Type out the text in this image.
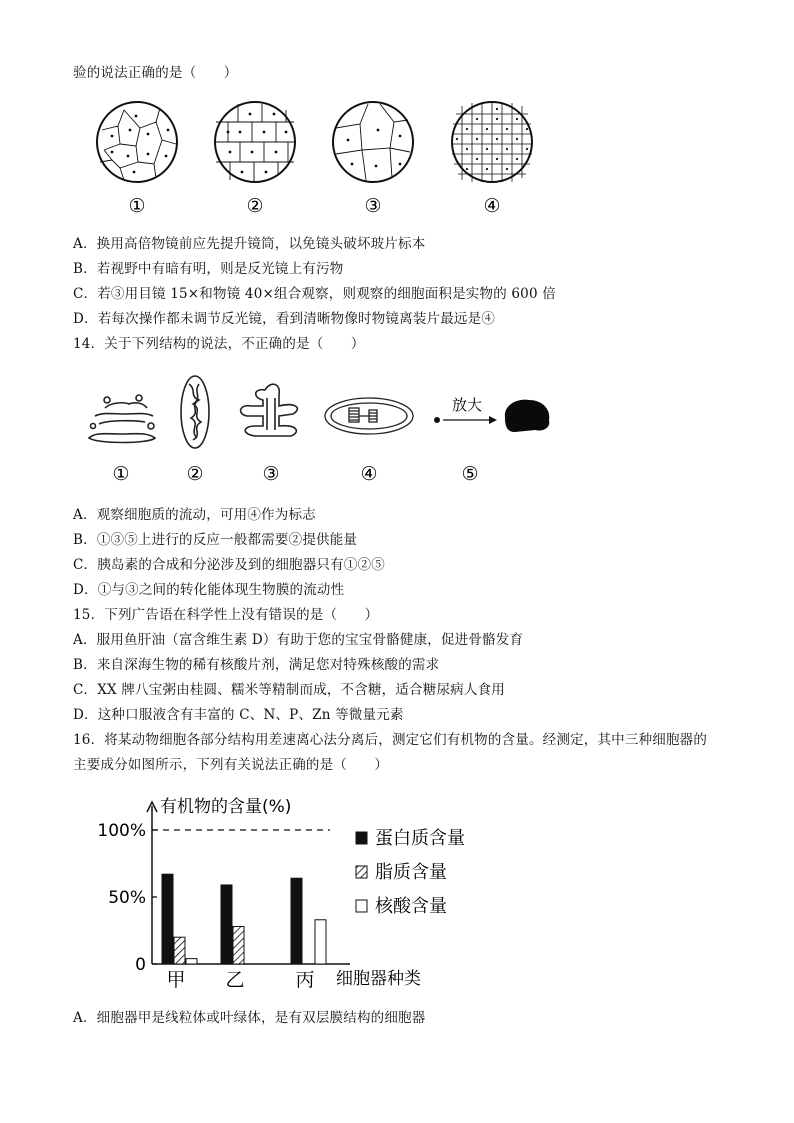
验的说法正确的是（　　）
①	②	③	④
A．换用高倍物镜前应先提升镜筒，以免镜头破坏玻片标本
B．若视野中有暗有明，则是反光镜上有污物
C．若③用目镜 15×和物镜 40×组合观察，则观察的细胞面积是实物的 600 倍
D．若每次操作都未调节反光镜，看到清晰物像时物镜离装片最远是④
14．关于下列结构的说法，不正确的是（　　）
放大
①	②	③	④	⑤
A．观察细胞质的流动，可用④作为标志
B．①③⑤上进行的反应一般都需要②提供能量
C．胰岛素的合成和分泌涉及到的细胞器只有①②⑤
D．①与③之间的转化能体现生物膜的流动性
15．下列广告语在科学性上没有错误的是（　　）
A．服用鱼肝油（富含维生素 D）有助于您的宝宝骨骼健康，促进骨骼发育
B．来自深海生物的稀有核酸片剂，满足您对特殊核酸的需求
C．XX 牌八宝粥由桂圆、糯米等精制而成，不含糖，适合糖尿病人食用
D．这种口服液含有丰富的 C、N、P、Zn 等微量元素
16．将某动物细胞各部分结构用差速离心法分离后，测定它们有机物的含量。经测定，其中三种细胞器的
主要成分如图所示，下列有关说法正确的是（　　）
有机物的含量(%)
0
50%
100%
甲 乙	丙 细胞器种类
蛋白质含量
脂质含量
核酸含量
A．细胞器甲是线粒体或叶绿体，是有双层膜结构的细胞器
